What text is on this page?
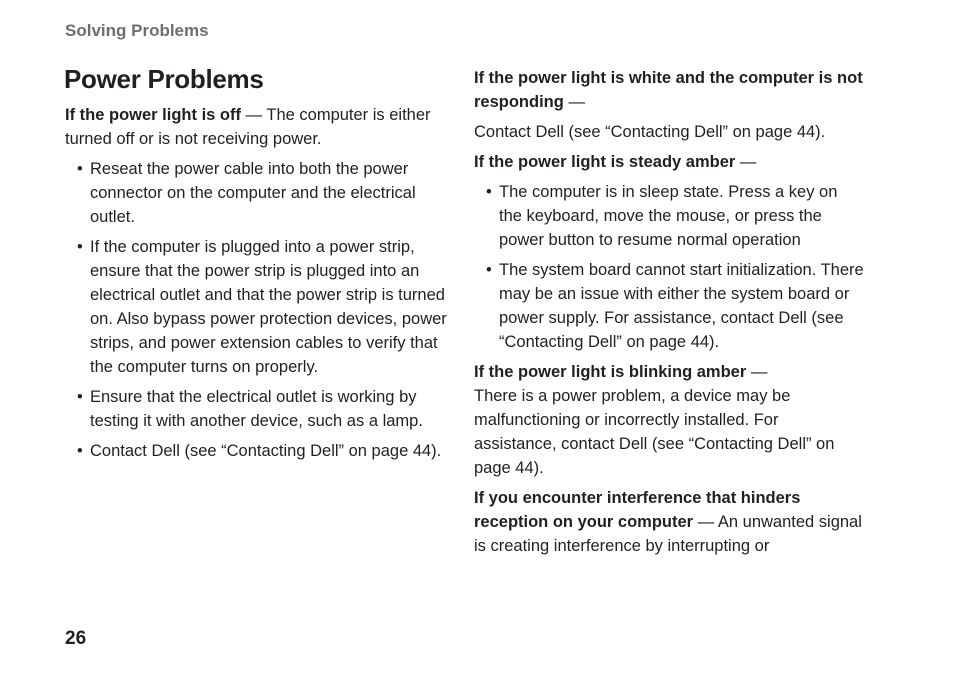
Solving Problems
Power Problems

If the power light is off — The computer is either turned off or is not receiving power.

• Reseat the power cable into both the power connector on the computer and the electrical outlet.
• If the computer is plugged into a power strip, ensure that the power strip is plugged into an electrical outlet and that the power strip is turned on. Also bypass power protection devices, power strips, and power extension cables to verify that the computer turns on properly.
• Ensure that the electrical outlet is working by testing it with another device, such as a lamp.
• Contact Dell (see “Contacting Dell” on page 44).

If the power light is white and the computer is not responding —

Contact Dell (see “Contacting Dell” on page 44).

If the power light is steady amber —

• The computer is in sleep state. Press a key on the keyboard, move the mouse, or press the power button to resume normal operation
• The system board cannot start initialization. There may be an issue with either the system board or power supply. For assistance, contact Dell (see “Contacting Dell” on page 44).

If the power light is blinking amber —
There is a power problem, a device may be malfunctioning or incorrectly installed. For assistance, contact Dell (see “Contacting Dell” on page 44).

If you encounter interference that hinders reception on your computer — An unwanted signal is creating interference by interrupting or

26
